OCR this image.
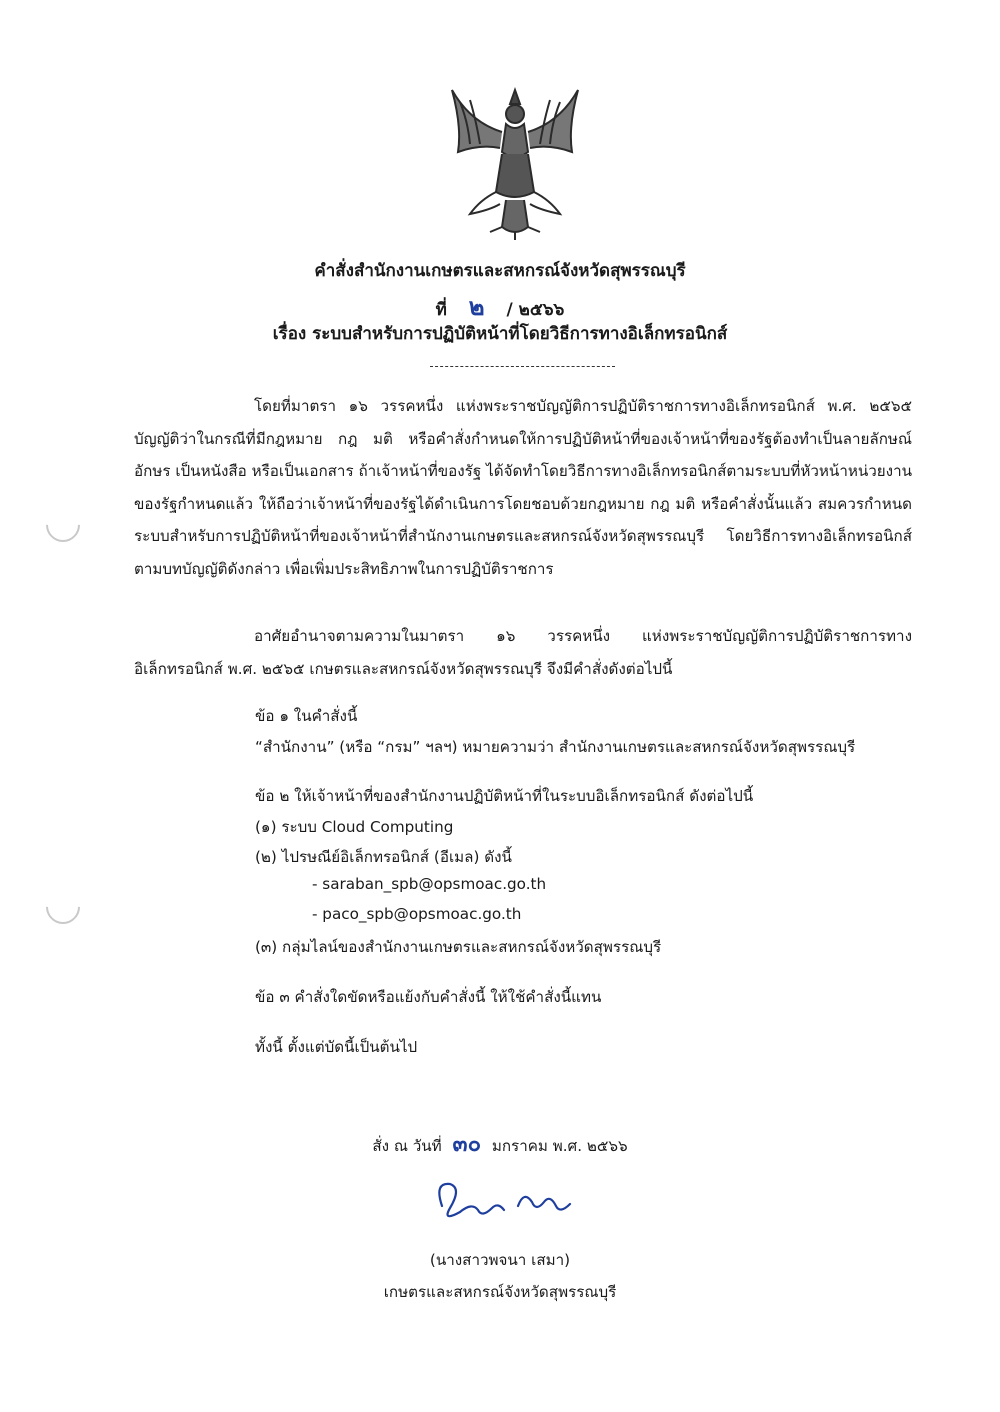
คำสั่งสำนักงานเกษตรและสหกรณ์จังหวัดสุพรรณบุรี
ที่ ๒ / ๒๕๖๖
เรื่อง ระบบสำหรับการปฏิบัติหน้าที่โดยวิธีการทางอิเล็กทรอนิกส์
โดยที่มาตรา ๑๖ วรรคหนึ่ง แห่งพระราชบัญญัติการปฏิบัติราชการทางอิเล็กทรอนิกส์ พ.ศ. ๒๕๖๕ บัญญัติว่าในกรณีที่มีกฎหมาย กฎ มติ หรือคำสั่งกำหนดให้การปฏิบัติหน้าที่ของเจ้าหน้าที่ของรัฐต้องทำเป็นลายลักษณ์อักษร เป็นหนังสือ หรือเป็นเอกสาร ถ้าเจ้าหน้าที่ของรัฐ ได้จัดทำโดยวิธีการทางอิเล็กทรอนิกส์ตามระบบที่หัวหน้าหน่วยงานของรัฐกำหนดแล้ว ให้ถือว่าเจ้าหน้าที่ของรัฐได้ดำเนินการโดยชอบด้วยกฎหมาย กฎ มติ หรือคำสั่งนั้นแล้ว สมควรกำหนดระบบสำหรับการปฏิบัติหน้าที่ของเจ้าหน้าที่สำนักงานเกษตรและสหกรณ์จังหวัดสุพรรณบุรี โดยวิธีการทางอิเล็กทรอนิกส์ ตามบทบัญญัติดังกล่าว เพื่อเพิ่มประสิทธิภาพในการปฏิบัติราชการ
อาศัยอำนาจตามความในมาตรา ๑๖ วรรคหนึ่ง แห่งพระราชบัญญัติการปฏิบัติราชการทางอิเล็กทรอนิกส์ พ.ศ. ๒๕๖๕ เกษตรและสหกรณ์จังหวัดสุพรรณบุรี จึงมีคำสั่งดังต่อไปนี้
ข้อ ๑ ในคำสั่งนี้
“สำนักงาน” (หรือ “กรม” ฯลฯ) หมายความว่า สำนักงานเกษตรและสหกรณ์จังหวัดสุพรรณบุรี
ข้อ ๒ ให้เจ้าหน้าที่ของสำนักงานปฏิบัติหน้าที่ในระบบอิเล็กทรอนิกส์ ดังต่อไปนี้
(๑) ระบบ Cloud Computing
(๒) ไปรษณีย์อิเล็กทรอนิกส์ (อีเมล) ดังนี้
- saraban_spb@opsmoac.go.th
- paco_spb@opsmoac.go.th
(๓) กลุ่มไลน์ของสำนักงานเกษตรและสหกรณ์จังหวัดสุพรรณบุรี
ข้อ ๓ คำสั่งใดขัดหรือแย้งกับคำสั่งนี้ ให้ใช้คำสั่งนี้แทน
ทั้งนี้ ตั้งแต่บัดนี้เป็นต้นไป
สั่ง ณ วันที่ ๓๐ มกราคม พ.ศ. ๒๕๖๖
(นางสาวพจนา เสมา)
เกษตรและสหกรณ์จังหวัดสุพรรณบุรี
